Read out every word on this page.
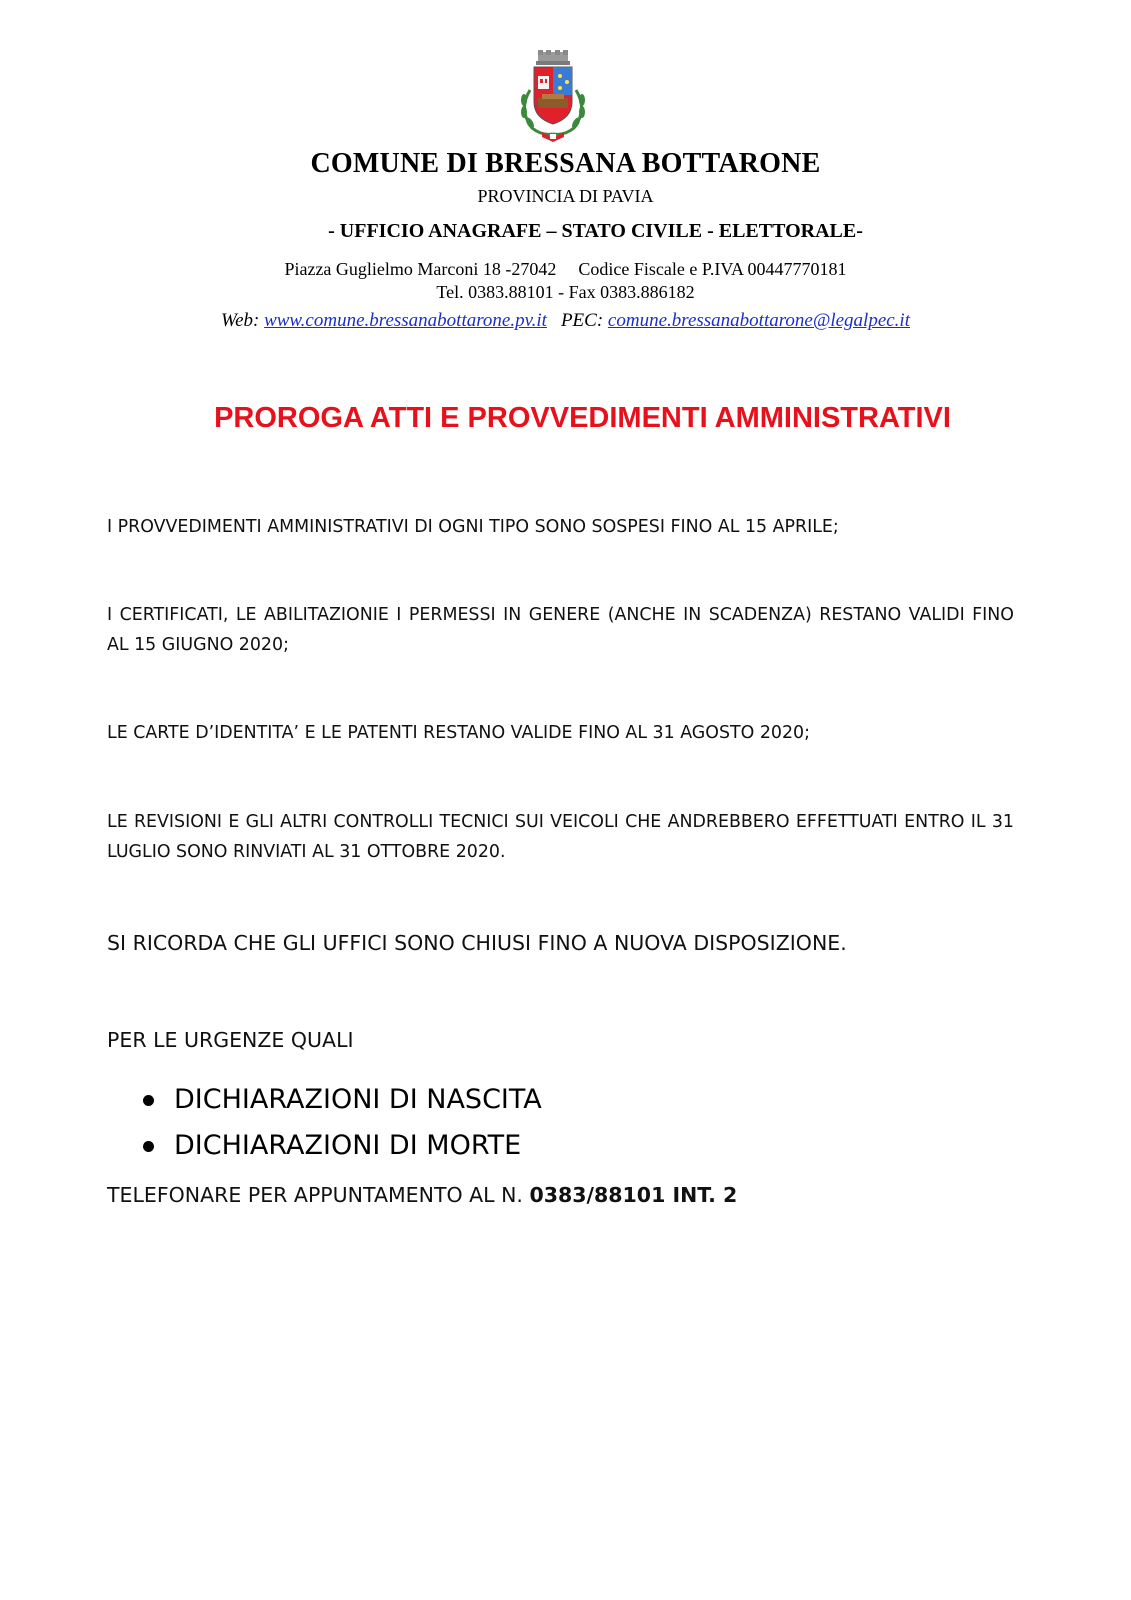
COMUNE DI BRESSANA BOTTARONE
PROVINCIA DI PAVIA
- UFFICIO ANAGRAFE – STATO CIVILE - ELETTORALE-
Piazza Guglielmo Marconi 18 -27042 Codice Fiscale e P.IVA 00447770181
Tel. 0383.88101 - Fax 0383.886182
Web: www.comune.bressanabottarone.pv.it PEC: comune.bressanabottarone@legalpec.it
PROROGA ATTI E PROVVEDIMENTI AMMINISTRATIVI
I PROVVEDIMENTI AMMINISTRATIVI DI OGNI TIPO SONO SOSPESI FINO AL 15 APRILE;
I CERTIFICATI, LE ABILITAZIONIE I PERMESSI IN GENERE (ANCHE IN SCADENZA) RESTANO VALIDI FINO AL 15 GIUGNO 2020;
LE CARTE D’IDENTITA’ E LE PATENTI RESTANO VALIDE FINO AL 31 AGOSTO 2020;
LE REVISIONI E GLI ALTRI CONTROLLI TECNICI SUI VEICOLI CHE ANDREBBERO EFFETTUATI ENTRO IL 31 LUGLIO SONO RINVIATI AL 31 OTTOBRE 2020.
SI RICORDA CHE GLI UFFICI SONO CHIUSI FINO A NUOVA DISPOSIZIONE.
PER LE URGENZE QUALI
DICHIARAZIONI DI NASCITA
DICHIARAZIONI DI MORTE
TELEFONARE PER APPUNTAMENTO AL N. 0383/88101 INT. 2
